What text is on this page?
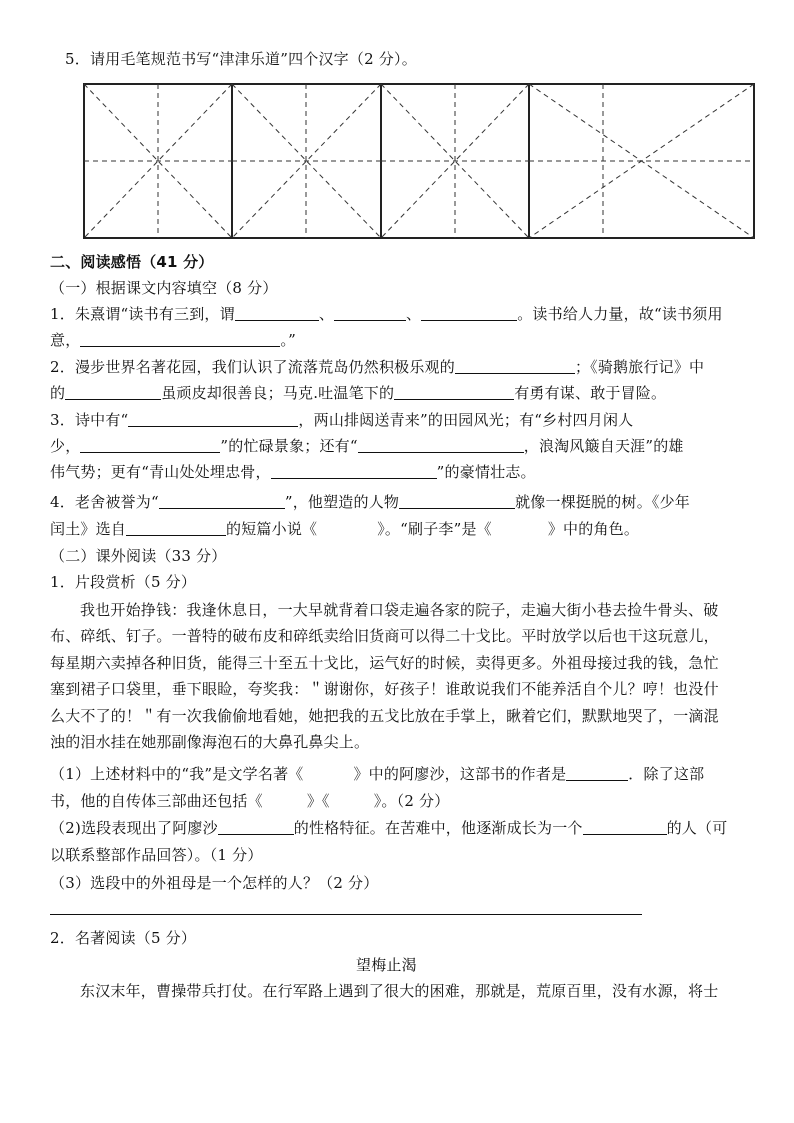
5．请用毛笔规范书写“津津乐道”四个汉字（2 分）。
二、阅读感悟（41 分）
（一）根据课文内容填空（8 分）
1．朱熹谓“读书有三到，谓	、	、	。读书给人力量，故“读书须用
意，	。”
2．漫步世界名著花园，我们认识了流落荒岛仍然积极乐观的	；《骑鹅旅行记》中
的	虽顽皮却很善良；马克.吐温笔下的	有勇有谋、敢于冒险。
3．诗中有“	，两山排闼送青来”的田园风光；有“乡村四月闲人
少，	”的忙碌景象；还有“	，浪淘风簸自天涯”的雄
伟气势；更有“青山处处埋忠骨，	”的豪情壮志。
4．老舍被誉为“	”，他塑造的人物	就像一棵挺脱的树。《少年
闰土》选自	的短篇小说《	》。“刷子李”是《	》中的角色。
（二）课外阅读（33 分）
1．片段赏析（5 分）
我也开始挣钱：我逢休息日，一大早就背着口袋走遍各家的院子，走遍大街小巷去捡牛骨头、破
布、碎纸、钉子。一普特的破布皮和碎纸卖给旧货商可以得二十戈比。平时放学以后也干这玩意儿，
每星期六卖掉各种旧货，能得三十至五十戈比，运气好的时候，卖得更多。外祖母接过我的钱，急忙
塞到裙子口袋里，垂下眼睑，夸奖我：＂谢谢你，好孩子！谁敢说我们不能养活自个儿？哼！也没什
么大不了的！＂有一次我偷偷地看她，她把我的五戈比放在手掌上，瞅着它们，默默地哭了，一滴混
浊的泪水挂在她那副像海泡石的大鼻孔鼻尖上。
（1）上述材料中的“我”是文学名著《	》中的阿廖沙，这部书的作者是	．除了这部
书，他的自传体三部曲还包括《	》《	》。（2 分）
（2)选段表现出了阿廖沙	的性格特征。在苦难中，他逐渐成长为一个	的人（可
以联系整部作品回答）。（1 分）
（3）选段中的外祖母是一个怎样的人？（2 分）
2．名著阅读（5 分）
望梅止渴
东汉末年，曹操带兵打仗。在行军路上遇到了很大的困难，那就是，荒原百里，没有水源，将士
